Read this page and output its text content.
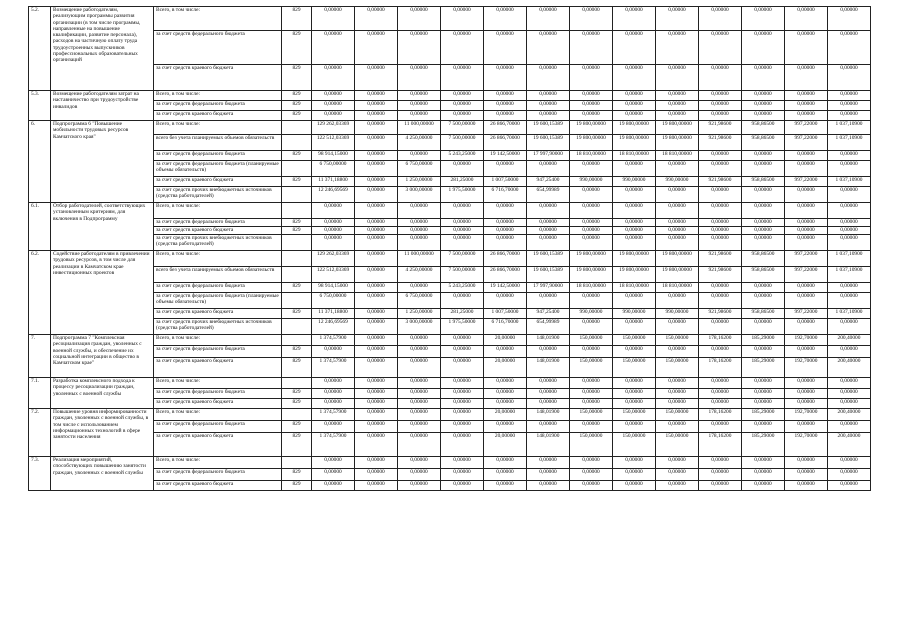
5.2.	Возмещение работодателям, реализующим программы развития организации (в том числе программы, направленные на повышение квалификации, развитие персонала), расходов на частичную оплату труда трудоустроенных выпускников профессиональных образовательных организаций	Всего, в том числе:	829	0,00000	0,00000	0,00000	0,00000	0,00000	0,00000	0,00000	0,00000	0,00000	0,00000	0,00000	0,00000	0,00000
		за счет средств федерального бюджета	829	0,00000	0,00000	0,00000	0,00000	0,00000	0,00000	0,00000	0,00000	0,00000	0,00000	0,00000	0,00000	0,00000
		за счет средств краевого бюджета	829	0,00000	0,00000	0,00000	0,00000	0,00000	0,00000	0,00000	0,00000	0,00000	0,00000	0,00000	0,00000	0,00000
5.3.	Возмещение работодателям затрат на наставничество при трудоустройстве инвалидов	Всего, в том числе:	829	0,00000	0,00000	0,00000	0,00000	0,00000	0,00000	0,00000	0,00000	0,00000	0,00000	0,00000	0,00000	0,00000
		за счет средств федерального бюджета	829	0,00000	0,00000	0,00000	0,00000	0,00000	0,00000	0,00000	0,00000	0,00000	0,00000	0,00000	0,00000	0,00000
		за счет средств краевого бюджета	829	0,00000	0,00000	0,00000	0,00000	0,00000	0,00000	0,00000	0,00000	0,00000	0,00000	0,00000	0,00000	0,00000
6.	Подпрограмма 6 "Повышение мобильности трудовых ресурсов Камчатского края"	Всего, в том числе:		129 262,03369	0,00000	11 000,00000	7 500,00000	26 866,70000	19 600,15389	19 800,00000	19 800,00000	19 800,00000	921,98600	958,86500	997,22000	1 037,10900
		всего без учета планируемых объемов обязательств		122 512,03369	0,00000	4 250,00000	7 500,00000	26 866,70000	19 600,15389	19 800,00000	19 800,00000	19 800,00000	921,98600	958,86500	997,22000	1 037,10900
		за счет средств федерального бюджета	829	98 914,15000	0,00000	0,00000	5 243,25000	19 142,50000	17 997,90000	18 810,00000	18 810,00000	18 810,00000	0,00000	0,00000	0,00000	0,00000
		за счет средств федерального бюджета (планируемые объемы обязательств)		6 750,00000	0,00000	6 750,00000	0,00000	0,00000	0,00000	0,00000	0,00000	0,00000	0,00000	0,00000	0,00000	0,00000
		за счет средств краевого бюджета	829	11 371,18800	0,00000	1 250,00000	281,25000	1 007,50000	947,25400	990,00000	990,00000	990,00000	921,98600	958,86500	997,22000	1 037,10900
		за счет средств прочих внебюджетных источников (средства работодателей)		12 246,69569	0,00000	3 000,00000	1 975,50000	6 716,70000	654,99989	0,00000	0,00000	0,00000	0,00000	0,00000	0,00000	0,00000
6.1.	Отбор работодателей, соответствующих установленным критериям, для включения в Подпрограмму	Всего, в том числе:		0,00000	0,00000	0,00000	0,00000	0,00000	0,00000	0,00000	0,00000	0,00000	0,00000	0,00000	0,00000	0,00000
		за счет средств федерального бюджета	829	0,00000	0,00000	0,00000	0,00000	0,00000	0,00000	0,00000	0,00000	0,00000	0,00000	0,00000	0,00000	0,00000
		за счет средств краевого бюджета	829	0,00000	0,00000	0,00000	0,00000	0,00000	0,00000	0,00000	0,00000	0,00000	0,00000	0,00000	0,00000	0,00000
		за счет средств прочих внебюджетных источников (средства работодателей)		0,00000	0,00000	0,00000	0,00000	0,00000	0,00000	0,00000	0,00000	0,00000	0,00000	0,00000	0,00000	0,00000
6.2.	Содействие работодателям в привлечении трудовых ресурсов, в том числе для реализации в Камчатском крае инвестиционных проектов	Всего, в том числе:		129 262,03369	0,00000	11 000,00000	7 500,00000	26 866,70000	19 600,15389	19 800,00000	19 800,00000	19 800,00000	921,98600	958,86500	997,22000	1 037,10900
		всего без учета планируемых объемов обязательств		122 512,03369	0,00000	4 250,00000	7 500,00000	26 866,70000	19 600,15389	19 800,00000	19 800,00000	19 800,00000	921,98600	958,86500	997,22000	1 037,10900
		за счет средств федерального бюджета	829	98 914,15000	0,00000	0,00000	5 243,25000	19 142,50000	17 997,90000	18 810,00000	18 810,00000	18 810,00000	0,00000	0,00000	0,00000	0,00000
		за счет средств федерального бюджета (планируемые объемы обязательств)		6 750,00000	0,00000	6 750,00000	0,00000	0,00000	0,00000	0,00000	0,00000	0,00000	0,00000	0,00000	0,00000	0,00000
		за счет средств краевого бюджета	829	11 371,18800	0,00000	1 250,00000	281,25000	1 007,50000	947,25400	990,00000	990,00000	990,00000	921,98600	958,86500	997,22000	1 037,10900
		за счет средств прочих внебюджетных источников (средства работодателей)		12 246,69569	0,00000	3 000,00000	1 975,50000	6 716,70000	654,99989	0,00000	0,00000	0,00000	0,00000	0,00000	0,00000	0,00000
7.	Подпрограмма 7 "Комплексная ресоциализация граждан, уволенных с военной службы, и обеспечение их социальной интеграции в общество в Камчатском крае"	Всего, в том числе:		1 374,57900	0,00000	0,00000	0,00000	20,00000	148,01900	150,00000	150,00000	150,00000	178,16200	185,29000	192,70000	200,40000
		за счет средств федерального бюджета	829	0,00000	0,00000	0,00000	0,00000	0,00000	0,00000	0,00000	0,00000	0,00000	0,00000	0,00000	0,00000	0,00000
		за счет средств краевого бюджета	829	1 374,57900	0,00000	0,00000	0,00000	20,00000	148,01900	150,00000	150,00000	150,00000	178,16200	185,29000	192,70000	200,40000
7.1.	Разработка комплексного подхода к процессу ресоциализации граждан, уволенных с военной службы	Всего, в том числе:		0,00000	0,00000	0,00000	0,00000	0,00000	0,00000	0,00000	0,00000	0,00000	0,00000	0,00000	0,00000	0,00000
		за счет средств федерального бюджета	829	0,00000	0,00000	0,00000	0,00000	0,00000	0,00000	0,00000	0,00000	0,00000	0,00000	0,00000	0,00000	0,00000
		за счет средств краевого бюджета	829	0,00000	0,00000	0,00000	0,00000	0,00000	0,00000	0,00000	0,00000	0,00000	0,00000	0,00000	0,00000	0,00000
7.2.	Повышение уровня информированности граждан, уволенных с военной службы, в том числе с использованием информационных технологий в сфере занятости населения	Всего, в том числе:		1 374,57900	0,00000	0,00000	0,00000	20,00000	148,01900	150,00000	150,00000	150,00000	178,16200	185,29000	192,70000	200,40000
		за счет средств федерального бюджета	829	0,00000	0,00000	0,00000	0,00000	0,00000	0,00000	0,00000	0,00000	0,00000	0,00000	0,00000	0,00000	0,00000
		за счет средств краевого бюджета	829	1 374,57900	0,00000	0,00000	0,00000	20,00000	148,01900	150,00000	150,00000	150,00000	178,16200	185,29000	192,70000	200,40000
7.3.	Реализация мероприятий, способствующих повышению занятости граждан, уволенных с военной службы	Всего, в том числе:		0,00000	0,00000	0,00000	0,00000	0,00000	0,00000	0,00000	0,00000	0,00000	0,00000	0,00000	0,00000	0,00000
		за счет средств федерального бюджета	829	0,00000	0,00000	0,00000	0,00000	0,00000	0,00000	0,00000	0,00000	0,00000	0,00000	0,00000	0,00000	0,00000
		за счет средств краевого бюджета	829	0,00000	0,00000	0,00000	0,00000	0,00000	0,00000	0,00000	0,00000	0,00000	0,00000	0,00000	0,00000	0,00000
